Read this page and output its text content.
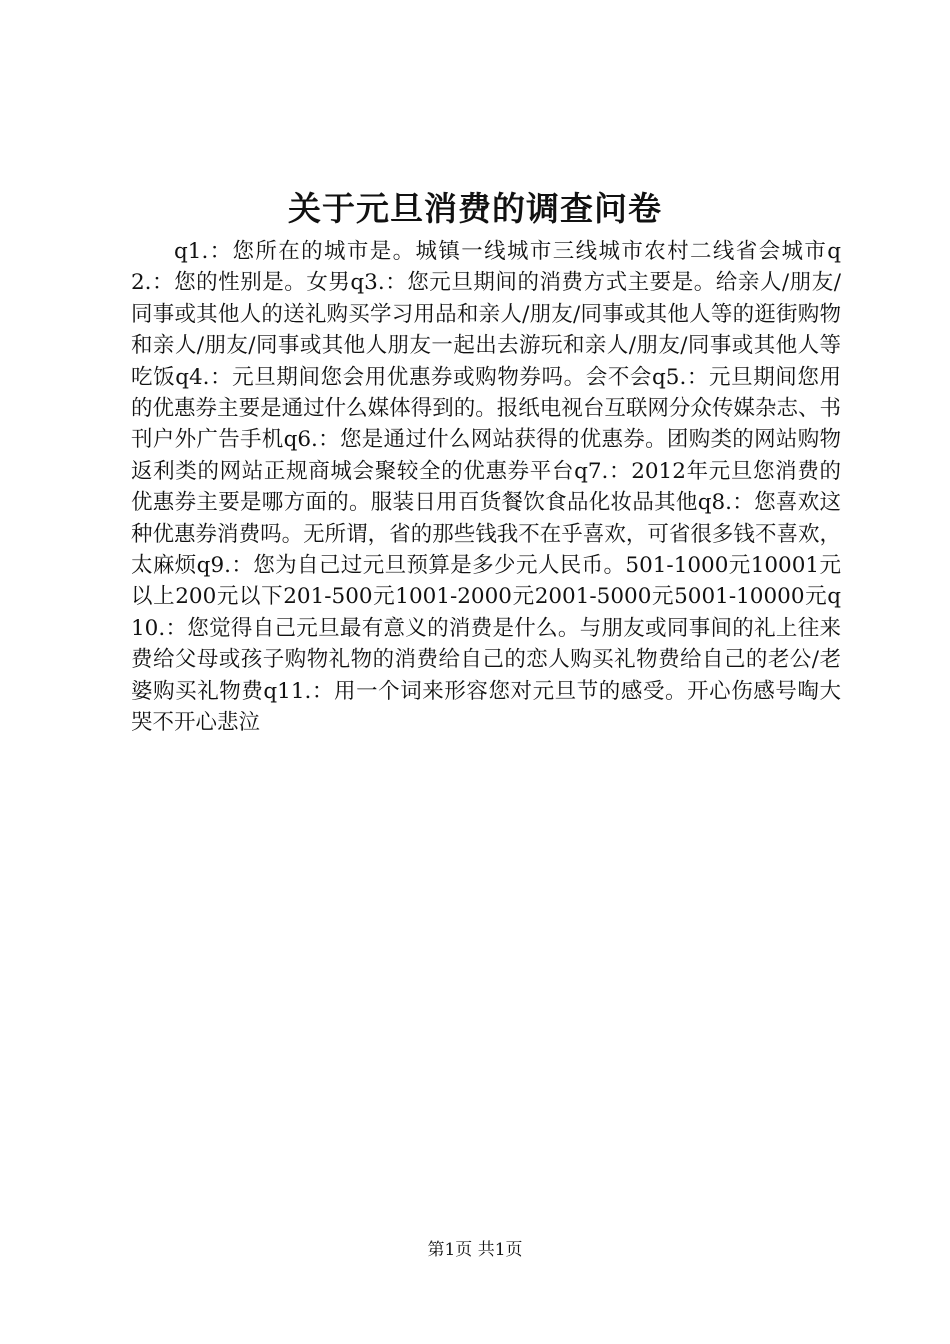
关于元旦消费的调查问卷

q1.：您所在的城市是。城镇一线城市三线城市农村二线省会城市q2.：您的性别是。女男q3.：您元旦期间的消费方式主要是。给亲人/朋友/同事或其他人的送礼购买学习用品和亲人/朋友/同事或其他人等的逛街购物和亲人/朋友/同事或其他人朋友一起出去游玩和亲人/朋友/同事或其他人等吃饭q4.：元旦期间您会用优惠券或购物券吗。会不会q5.：元旦期间您用的优惠券主要是通过什么媒体得到的。报纸电视台互联网分众传媒杂志、书刊户外广告手机q6.：您是通过什么网站获得的优惠券。团购类的网站购物返利类的网站正规商城会聚较全的优惠券平台q7.：2012年元旦您消费的优惠券主要是哪方面的。服装日用百货餐饮食品化妆品其他q8.：您喜欢这种优惠券消费吗。无所谓，省的那些钱我不在乎喜欢，可省很多钱不喜欢，太麻烦q9.：您为自己过元旦预算是多少元人民币。501-1000元10001元以上200元以下201-500元1001-2000元2001-5000元5001-10000元q10.：您觉得自己元旦最有意义的消费是什么。与朋友或同事间的礼上往来费给父母或孩子购物礼物的消费给自己的恋人购买礼物费给自己的老公/老婆购买礼物费q11.：用一个词来形容您对元旦节的感受。开心伤感号啕大哭不开心悲泣

第1页 共1页
